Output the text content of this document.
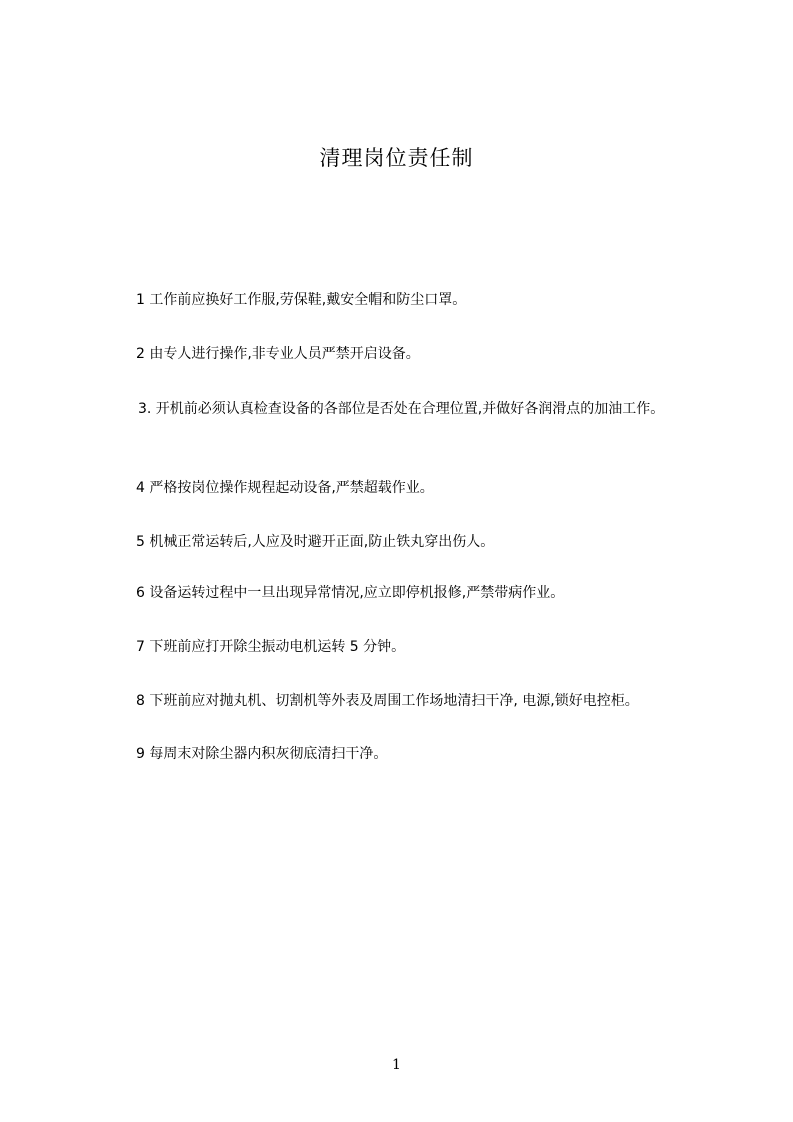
清理岗位责任制
1 工作前应换好工作服,劳保鞋,戴安全帽和防尘口罩。
2 由专人进行操作,非专业人员严禁开启设备。
3. 开机前必须认真检查设备的各部位是否处在合理位置,并做好各润滑点的加油工作。
4 严格按岗位操作规程起动设备,严禁超载作业。
5 机械正常运转后,人应及时避开正面,防止铁丸穿出伤人。
6 设备运转过程中一旦出现异常情况,应立即停机报修,严禁带病作业。
7 下班前应打开除尘振动电机运转 5 分钟。
8 下班前应对抛丸机、切割机等外表及周围工作场地清扫干净, 电源,锁好电控柜。
9 每周末对除尘器内积灰彻底清扫干净。
1
